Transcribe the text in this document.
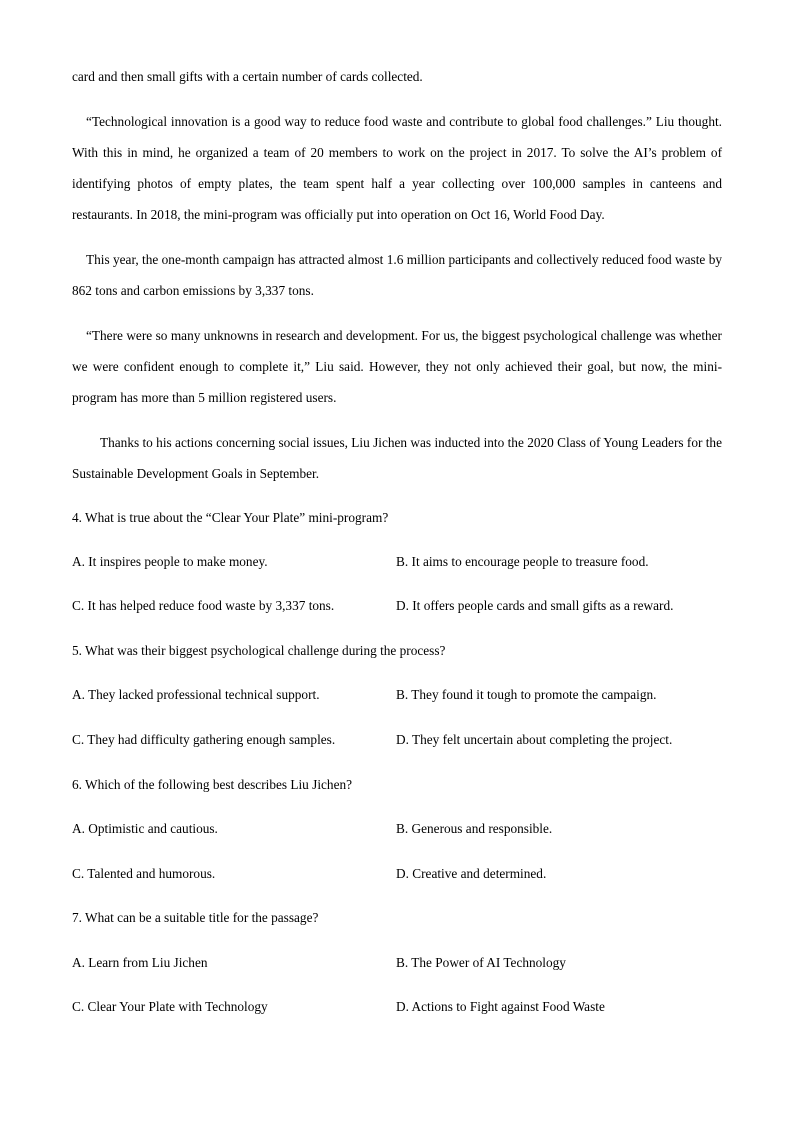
card and then small gifts with a certain number of cards collected.

“Technological innovation is a good way to reduce food waste and contribute to global food challenges.” Liu thought. With this in mind, he organized a team of 20 members to work on the project in 2017. To solve the AI’s problem of identifying photos of empty plates, the team spent half a year collecting over 100,000 samples in canteens and restaurants. In 2018, the mini-program was officially put into operation on Oct 16, World Food Day.

This year, the one-month campaign has attracted almost 1.6 million participants and collectively reduced food waste by 862 tons and carbon emissions by 3,337 tons.

“There were so many unknowns in research and development. For us, the biggest psychological challenge was whether we were confident enough to complete it,” Liu said. However, they not only achieved their goal, but now, the mini-program has more than 5 million registered users.

Thanks to his actions concerning social issues, Liu Jichen was inducted into the 2020 Class of Young Leaders for the Sustainable Development Goals in September.

4. What is true about the “Clear Your Plate” mini-program?

A. It inspires people to make money.	B. It aims to encourage people to treasure food.

C. It has helped reduce food waste by 3,337 tons.	D. It offers people cards and small gifts as a reward.

5. What was their biggest psychological challenge during the process?

A. They lacked professional technical support.	B. They found it tough to promote the campaign.

C. They had difficulty gathering enough samples.	D. They felt uncertain about completing the project.

6. Which of the following best describes Liu Jichen?

A. Optimistic and cautious.	B. Generous and responsible.

C. Talented and humorous.	D. Creative and determined.

7. What can be a suitable title for the passage?

A. Learn from Liu Jichen	B. The Power of AI Technology

C. Clear Your Plate with Technology	D. Actions to Fight against Food Waste
